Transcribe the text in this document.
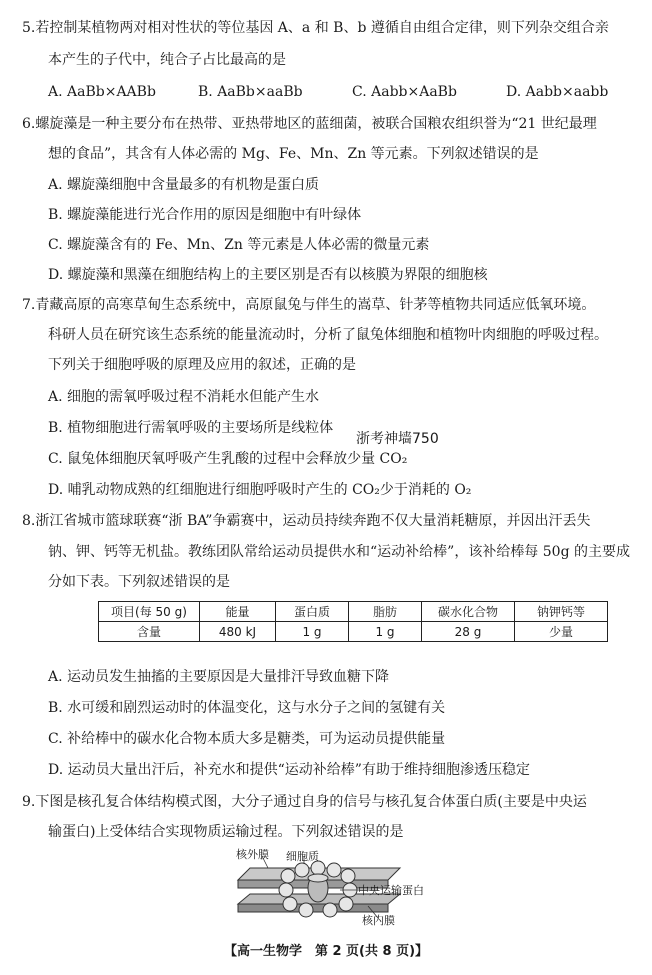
5.若控制某植物两对相对性状的等位基因 A、a 和 B、b 遵循自由组合定律，则下列杂交组合亲
本产生的子代中，纯合子占比最高的是
A. AaBb×AABb	B. AaBb×aaBb	C. Aabb×AaBb	D. Aabb×aabb
6.螺旋藻是一种主要分布在热带、亚热带地区的蓝细菌，被联合国粮农组织誉为“21 世纪最理
想的食品”，其含有人体必需的 Mg、Fe、Mn、Zn 等元素。下列叙述错误的是
A. 螺旋藻细胞中含量最多的有机物是蛋白质
B. 螺旋藻能进行光合作用的原因是细胞中有叶绿体
C. 螺旋藻含有的 Fe、Mn、Zn 等元素是人体必需的微量元素
D. 螺旋藻和黑藻在细胞结构上的主要区别是否有以核膜为界限的细胞核
7.青藏高原的高寒草甸生态系统中，高原鼠兔与伴生的嵩草、针茅等植物共同适应低氧环境。
科研人员在研究该生态系统的能量流动时，分析了鼠兔体细胞和植物叶肉细胞的呼吸过程。
下列关于细胞呼吸的原理及应用的叙述，正确的是
A. 细胞的需氧呼吸过程不消耗水但能产生水
B. 植物细胞进行需氧呼吸的主要场所是线粒体
浙考神墙750
C. 鼠兔体细胞厌氧呼吸产生乳酸的过程中会释放少量 CO₂
D. 哺乳动物成熟的红细胞进行细胞呼吸时产生的 CO₂少于消耗的 O₂
8.浙江省城市篮球联赛“浙 BA”争霸赛中，运动员持续奔跑不仅大量消耗糖原，并因出汗丢失
钠、钾、钙等无机盐。教练团队常给运动员提供水和“运动补给棒”，该补给棒每 50g 的主要成
分如下表。下列叙述错误的是
项目(每 50 g)	能量	蛋白质	脂肪	碳水化合物	钠钾钙等
含量	480 kJ	1 g	1 g	28 g	少量
A. 运动员发生抽搐的主要原因是大量排汗导致血糖下降
B. 水可缓和剧烈运动时的体温变化，这与水分子之间的氢键有关
C. 补给棒中的碳水化合物本质大多是糖类，可为运动员提供能量
D. 运动员大量出汗后，补充水和提供“运动补给棒”有助于维持细胞渗透压稳定
9.下图是核孔复合体结构模式图，大分子通过自身的信号与核孔复合体蛋白质(主要是中央运
输蛋白)上受体结合实现物质运输过程。下列叙述错误的是
核外膜 细胞质
中央运输蛋白
核内膜
【高一生物学　第 2 页(共 8 页)】
